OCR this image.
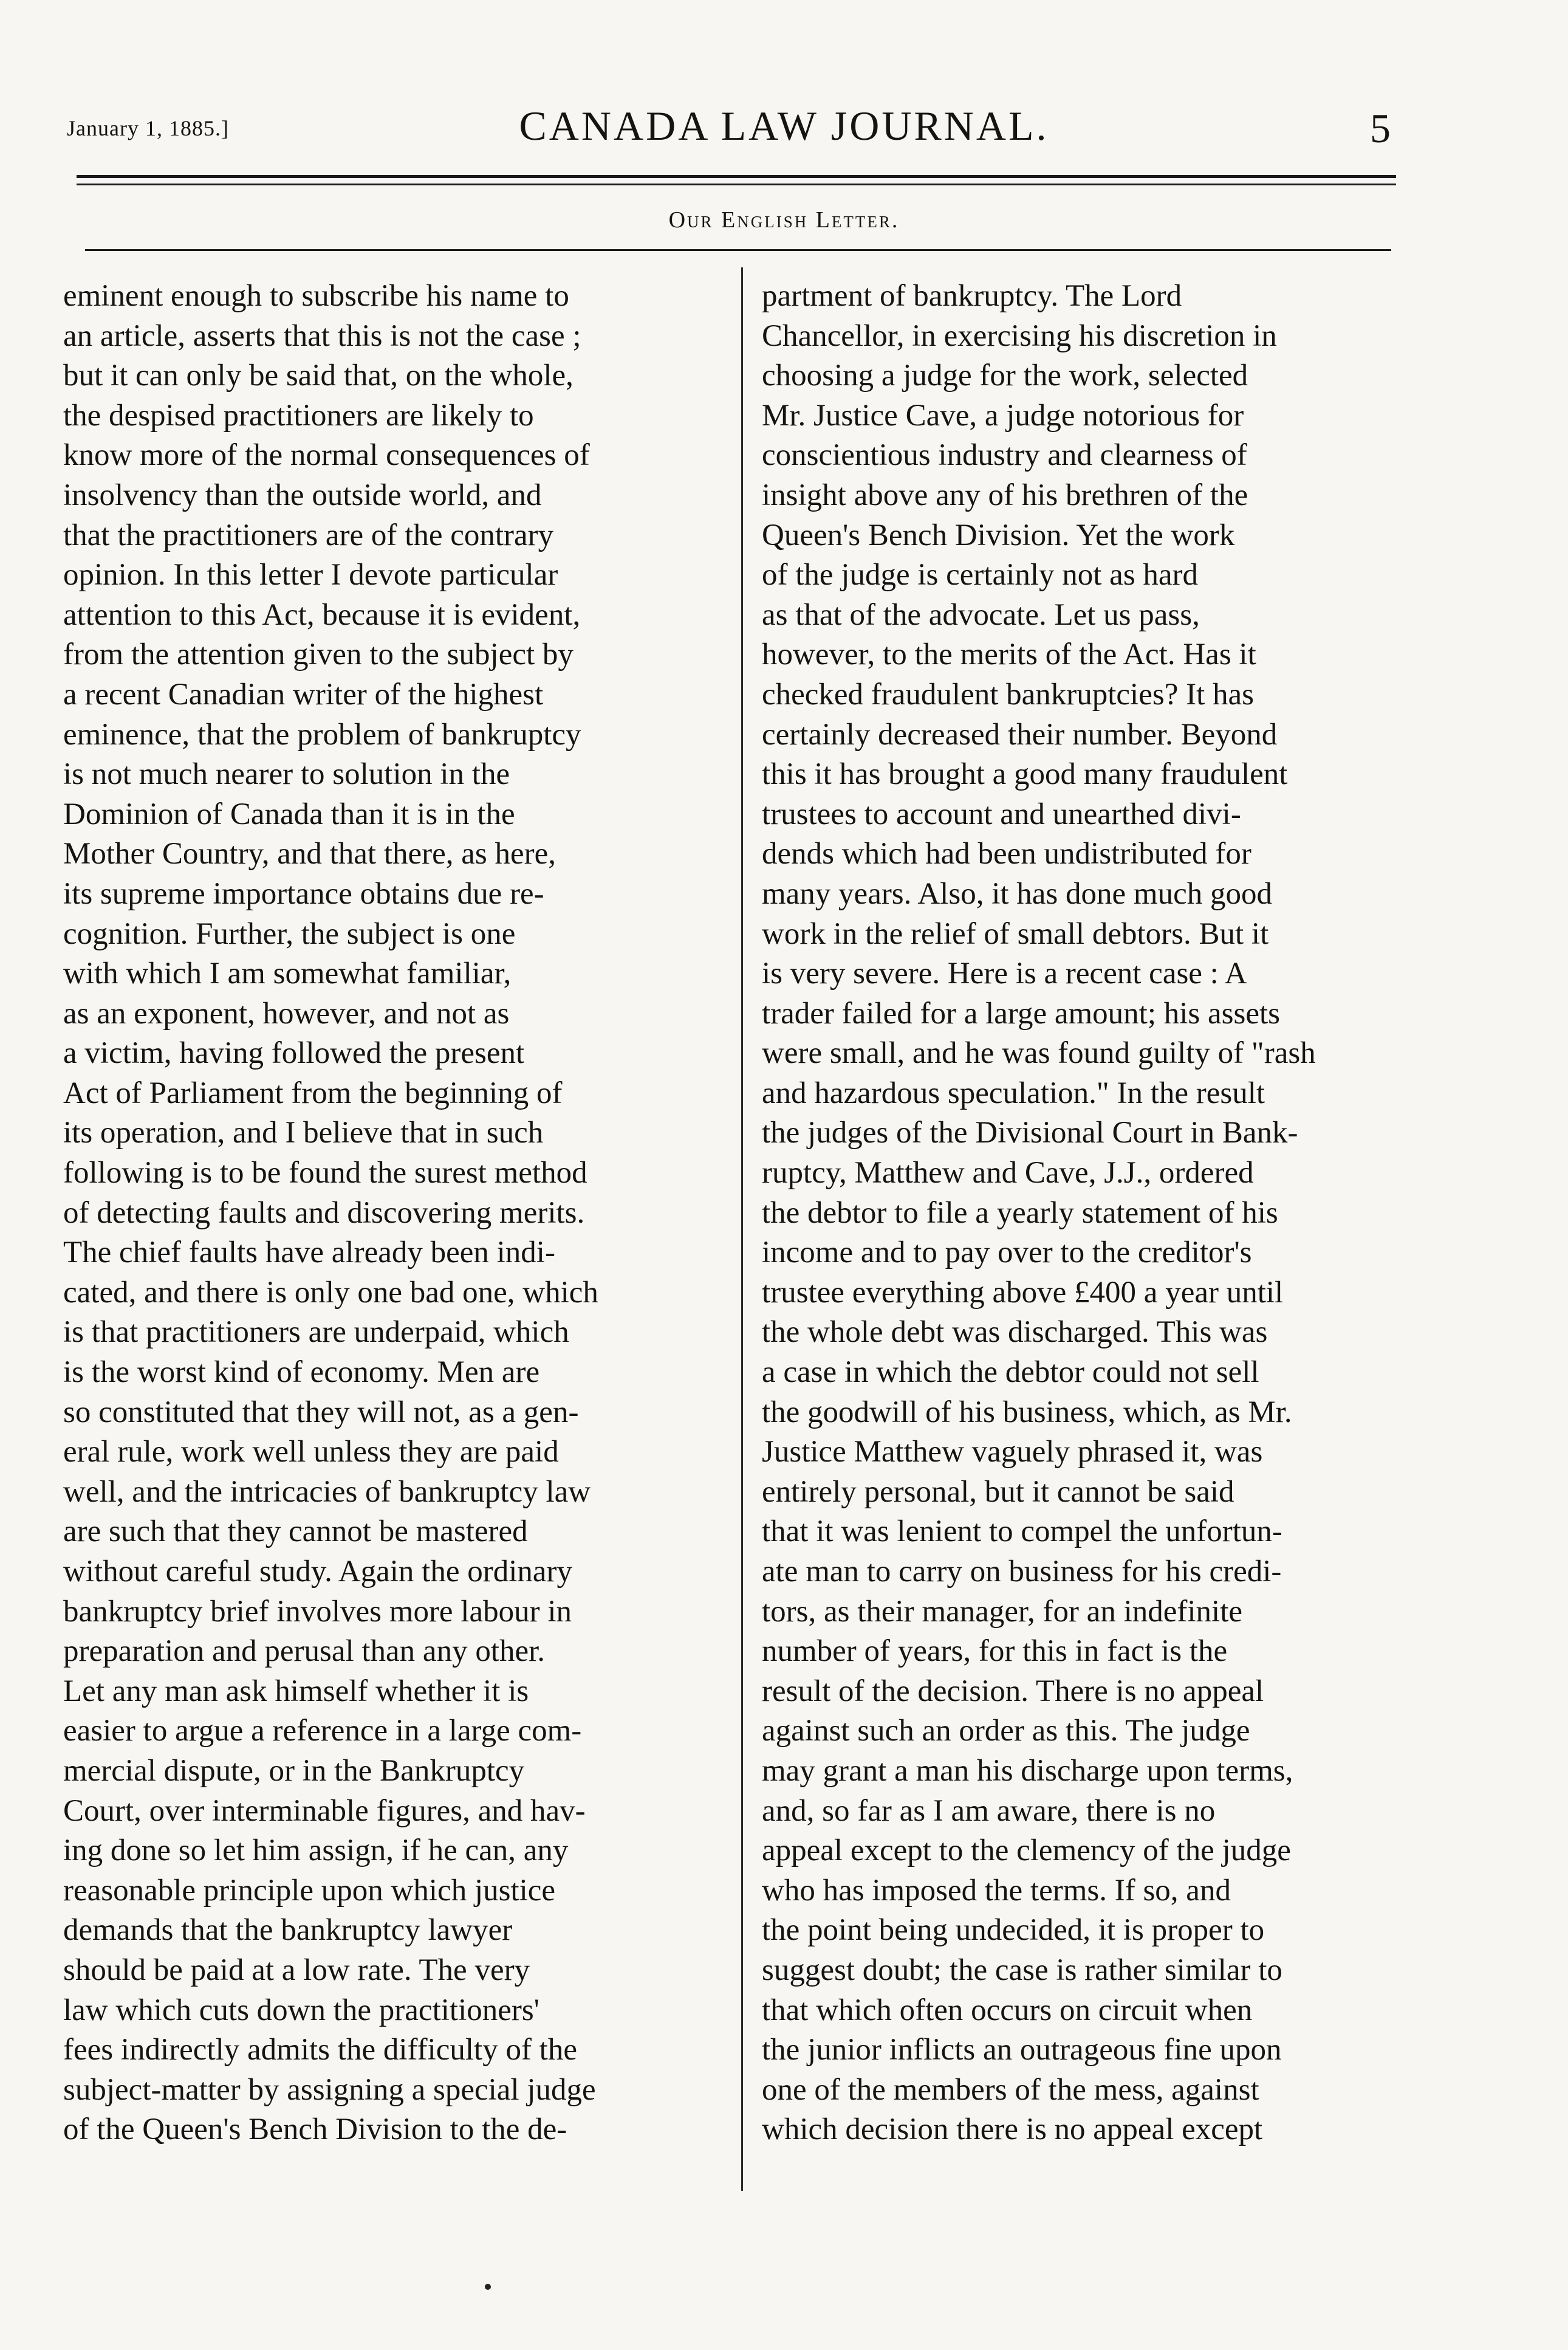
January 1, 1885.]	CANADA LAW JOURNAL.	5
Our English Letter.
eminent enough to subscribe his name to
an article, asserts that this is not the case ;
but it can only be said that, on the whole,
the despised practitioners are likely to
know more of the normal consequences of
insolvency than the outside world, and
that the practitioners are of the contrary
opinion. In this letter I devote particular
attention to this Act, because it is evident,
from the attention given to the subject by
a recent Canadian writer of the highest
eminence, that the problem of bankruptcy
is not much nearer to solution in the
Dominion of Canada than it is in the
Mother Country, and that there, as here,
its supreme importance obtains due re-
cognition. Further, the subject is one
with which I am somewhat familiar,
as an exponent, however, and not as
a victim, having followed the present
Act of Parliament from the beginning of
its operation, and I believe that in such
following is to be found the surest method
of detecting faults and discovering merits.
The chief faults have already been indi-
cated, and there is only one bad one, which
is that practitioners are underpaid, which
is the worst kind of economy. Men are
so constituted that they will not, as a gen-
eral rule, work well unless they are paid
well, and the intricacies of bankruptcy law
are such that they cannot be mastered
without careful study. Again the ordinary
bankruptcy brief involves more labour in
preparation and perusal than any other.
Let any man ask himself whether it is
easier to argue a reference in a large com-
mercial dispute, or in the Bankruptcy
Court, over interminable figures, and hav-
ing done so let him assign, if he can, any
reasonable principle upon which justice
demands that the bankruptcy lawyer
should be paid at a low rate. The very
law which cuts down the practitioners'
fees indirectly admits the difficulty of the
subject-matter by assigning a special judge
of the Queen's Bench Division to the de-
partment of bankruptcy. The Lord
Chancellor, in exercising his discretion in
choosing a judge for the work, selected
Mr. Justice Cave, a judge notorious for
conscientious industry and clearness of
insight above any of his brethren of the
Queen's Bench Division. Yet the work
of the judge is certainly not as hard
as that of the advocate. Let us pass,
however, to the merits of the Act. Has it
checked fraudulent bankruptcies? It has
certainly decreased their number. Beyond
this it has brought a good many fraudulent
trustees to account and unearthed divi-
dends which had been undistributed for
many years. Also, it has done much good
work in the relief of small debtors. But it
is very severe. Here is a recent case : A
trader failed for a large amount; his assets
were small, and he was found guilty of "rash
and hazardous speculation." In the result
the judges of the Divisional Court in Bank-
ruptcy, Matthew and Cave, J.J., ordered
the debtor to file a yearly statement of his
income and to pay over to the creditor's
trustee everything above £400 a year until
the whole debt was discharged. This was
a case in which the debtor could not sell
the goodwill of his business, which, as Mr.
Justice Matthew vaguely phrased it, was
entirely personal, but it cannot be said
that it was lenient to compel the unfortun-
ate man to carry on business for his credi-
tors, as their manager, for an indefinite
number of years, for this in fact is the
result of the decision. There is no appeal
against such an order as this. The judge
may grant a man his discharge upon terms,
and, so far as I am aware, there is no
appeal except to the clemency of the judge
who has imposed the terms. If so, and
the point being undecided, it is proper to
suggest doubt; the case is rather similar to
that which often occurs on circuit when
the junior inflicts an outrageous fine upon
one of the members of the mess, against
which decision there is no appeal except
